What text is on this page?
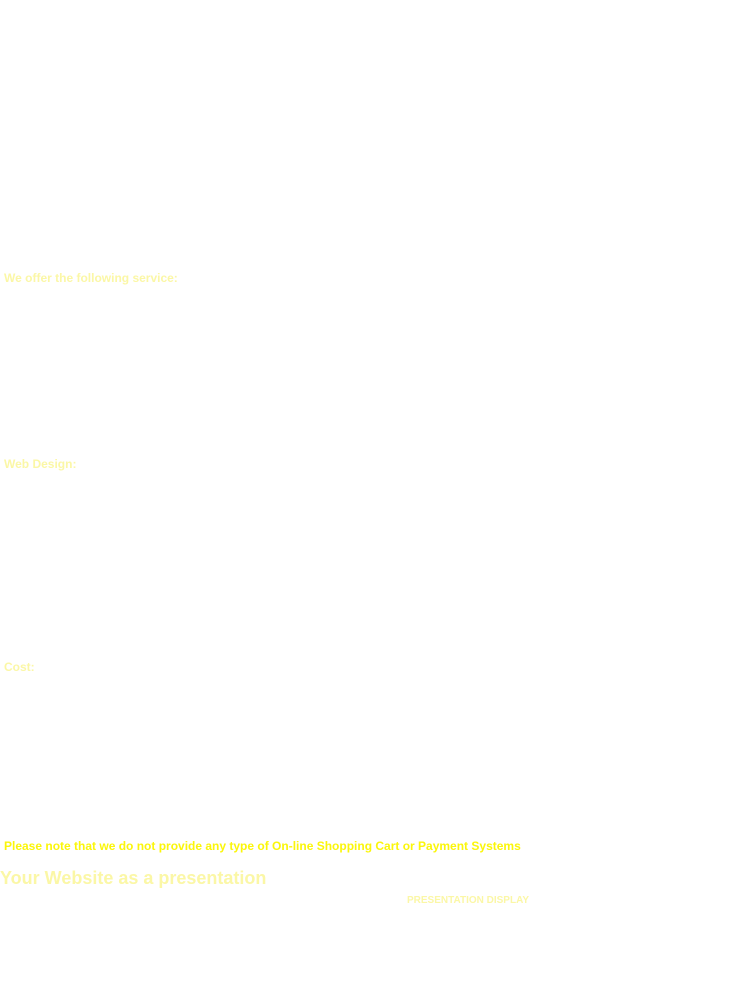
We offer the following service:
Web Design:
Cost:
Please note that we do not provide any type of On-line Shopping Cart or Payment Systems
Your Website as a presentation
PRESENTATION DISPLAY
